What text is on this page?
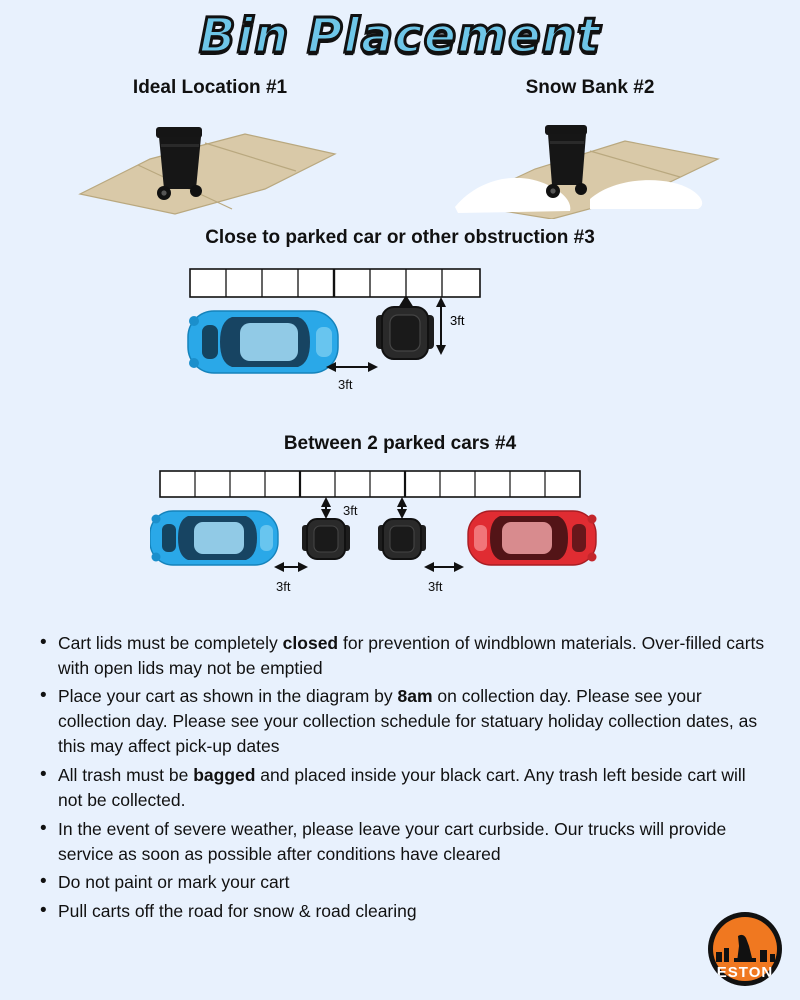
Bin Placement
Ideal Location #1	Snow Bank #2
Close to parked car or other obstruction #3
3ft
3ft
Between 2 parked cars #4
3ft
3ft	3ft
• Cart lids must be completely closed for prevention of windblown materials. Over-filled carts with open lids may not be emptied
• Place your cart as shown in the diagram by 8am on collection day. Please see your collection day. Please see your collection schedule for statuary holiday collection dates, as this may affect pick-up dates
• All trash must be bagged and placed inside your black cart. Any trash left beside cart will not be collected.
• In the event of severe weather, please leave your cart curbside. Our trucks will provide service as soon as possible after conditions have cleared
• Do not paint or mark your cart
• Pull carts off the road for snow & road clearing
ESTON
